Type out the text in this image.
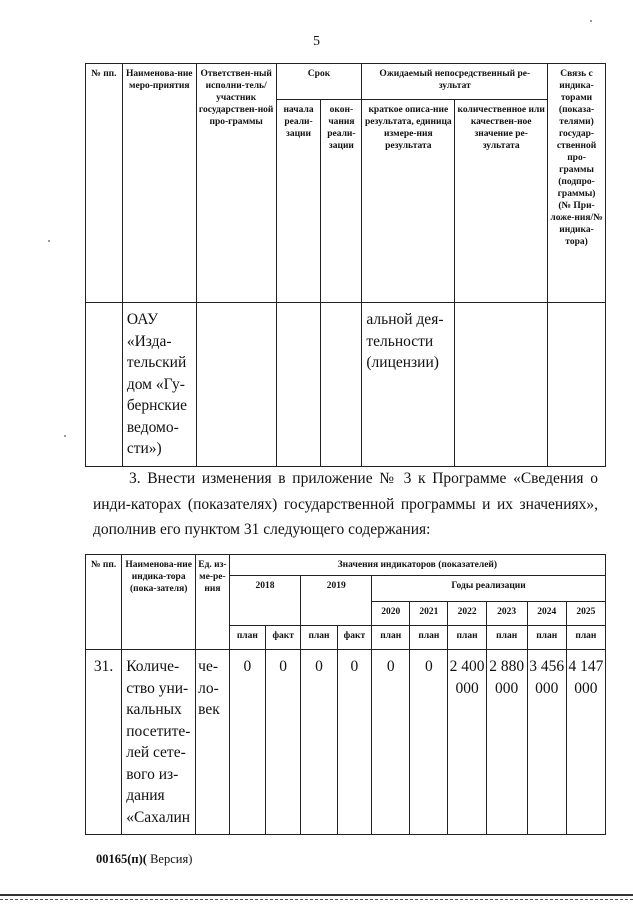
5
№ пп.	Наименова-ние меро-приятия	Ответствен-ный исполни-тель/участник государствен-ной про-граммы	Срок		Ожидаемый непосредственный ре-зультат		Связь с индика-торами (показа-телями) государ-ственной про-граммы (подпро-граммы) (№ При-ложе-ния/№ индика-тора)

			начала реали-зации	окон-чания реали-зации	краткое описа-ние результата, единица измере-ния результата	количественное или качествен-ное значение ре-зультата	

	ОАУ «Изда-тельский дом «Гу-бернские ведомо-сти»)				альной дея-тельности (лицензии)		

3. Внести изменения в приложение № 3 к Программе «Сведения о инди-каторах (показателях) государственной программы и их значениях», дополнив его пунктом 31 следующего содержания:
№ пп.	Наименова-ние индика-тора (пока-зателя)	Ед. из-ме-ре-ния	Значения индикаторов (показателей)									

			2018		2019		Годы реализации					

							2020	2021	2022	2023	2024	2025

			план	факт	план	факт	план	план	план	план	план	план

31.	Количе-ство уни-кальных посетите-лей сете-вого из-дания «Сахалин	че-ло-век	0	0	0	0	0	0	2 400 000	2 880 000	3 456 000	4 147 000
00165(п)( Версия)
